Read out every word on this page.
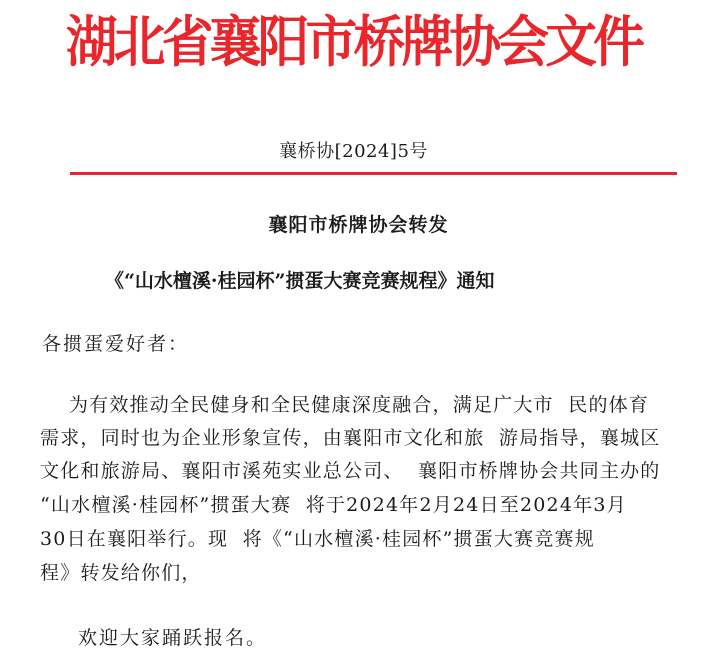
湖北省襄阳市桥牌协会文件
襄桥协[2024]5号
襄阳市桥牌协会转发
《“山水檀溪·桂园杯”掼蛋大赛竞赛规程》通知
各掼蛋爱好者：
为有效推动全民健身和全民健康深度融合，满足广大市  民的体育
需求，同时也为企业形象宣传，由襄阳市文化和旅  游局指导，襄城区
文化和旅游局、襄阳市溪苑实业总公司、  襄阳市桥牌协会共同主办的
“山水檀溪·桂园杯”掼蛋大赛  将于2024年2月24日至2024年3月
30日在襄阳举行。现  将《“山水檀溪·桂园杯”掼蛋大赛竞赛规
程》转发给你们，
欢迎大家踊跃报名。
